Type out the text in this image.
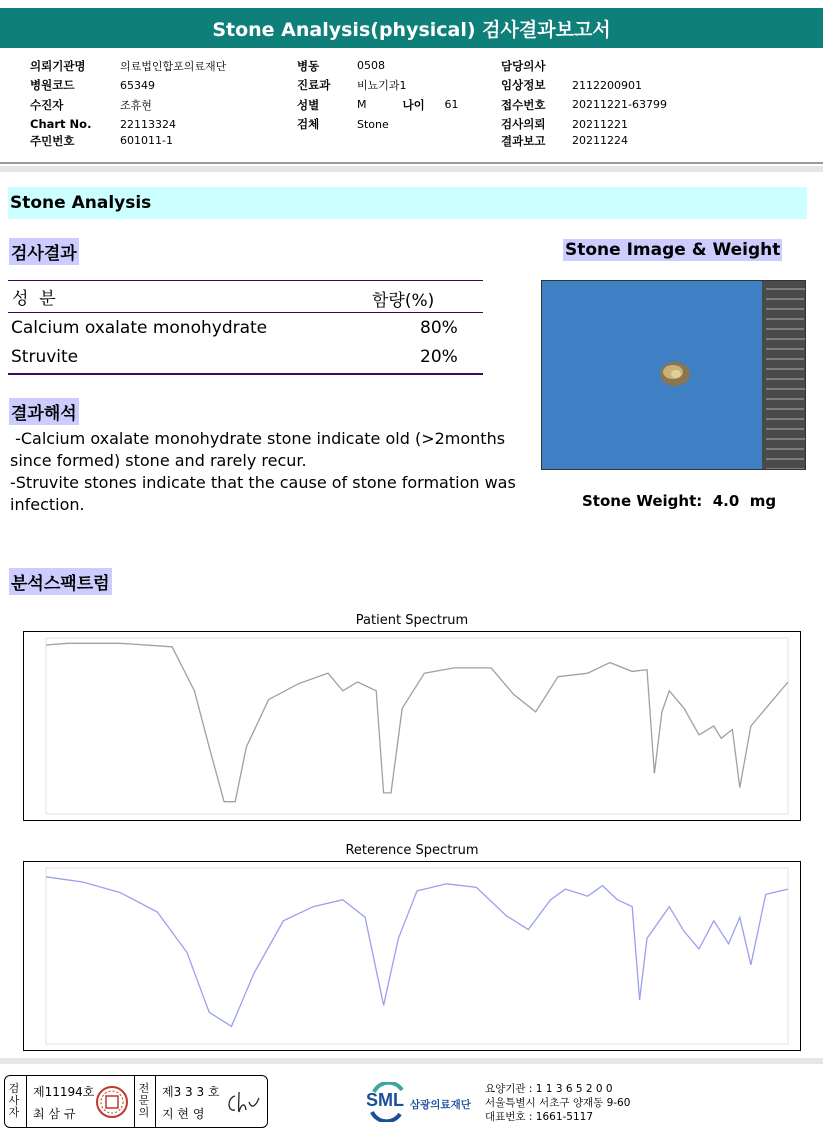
Stone Analysis(physical) 검사결과보고서
의뢰기관명	의료법인합포의료재단
병원코드	65349
수진자	조휴현
Chart No.	22113324
주민번호	601011-1
병동	0508
진료과	비뇨기과1
성별	M	나이	61
검체	Stone
담당의사
임상정보	2112200901
접수번호	20211221-63799
검사의뢰	20211221
결과보고	20211224
Stone Analysis
검사결과
성  분	함량(%)
Calcium oxalate monohydrate	80%
Struvite	20%
결과해석
-Calcium oxalate monohydrate stone indicate old (>2months since formed) stone and rarely recur.
-Struvite stones indicate that the cause of stone formation was infection.
Stone Image & Weight
Stone Weight:  4.0  mg
분석스팩트럼
Patient Spectrum
Reterence Spectrum
검사자
제11194호
최 삼 규
전문의
제3 3 3 호
지 현 영
SML 삼광의료재단
요양기관 : 1 1 3 6 5 2 0 0
서울특별시 서초구 양재동 9-60
대표번호 : 1661-5117
